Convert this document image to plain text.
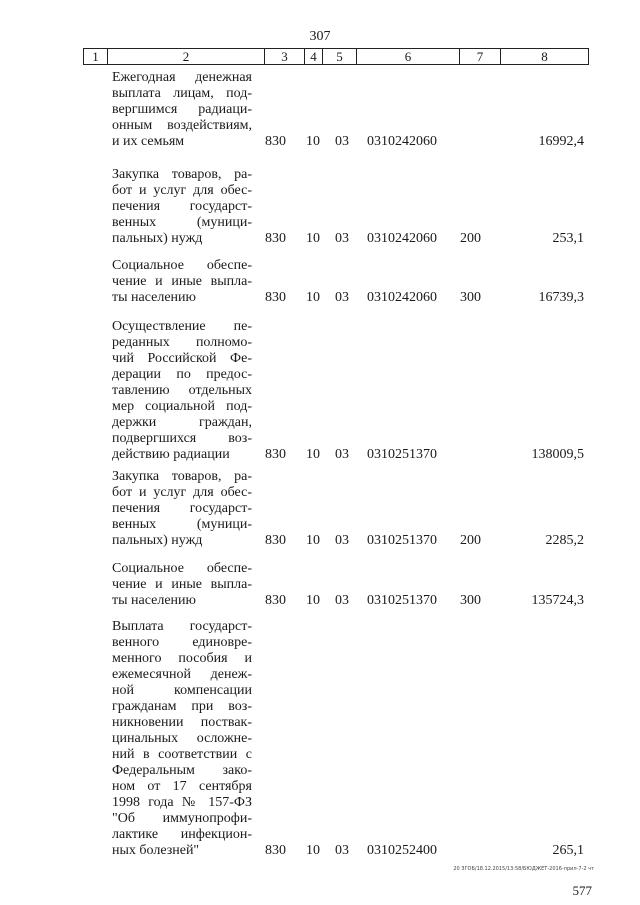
307
1	2	3	4	5	6	7	8
Ежегодная денежная
выплата лицам, под-
вергшимся радиаци-
онным воздействиям,
и их семьям	830 10 03 0310242060	16992,4
Закупка товаров, ра-
бот и услуг для обес-
печения государст-
венных (муници-
пальных) нужд	830 10 03 0310242060 200	253,1
Социальное обеспе-
чение и иные выпла-
ты населению	830 10 03 0310242060 300	16739,3
Осуществление пе-
реданных полномо-
чий Российской Фе-
дерации по предос-
тавлению отдельных
мер социальной под-
держки граждан,
подвергшихся воз-
действию радиации	830 10 03 0310251370	138009,5
Закупка товаров, ра-
бот и услуг для обес-
печения государст-
венных (муници-
пальных) нужд	830 10 03 0310251370 200	2285,2
Социальное обеспе-
чение и иные выпла-
ты населению	830 10 03 0310251370 300	135724,3
Выплата государст-
венного единовре-
менного пособия и
ежемесячной денеж-
ной компенсации
гражданам при воз-
никновении поствак-
цинальных осложне-
ний в соответствии с
Федеральным зако-
ном от 17 сентября
1998 года № 157-ФЗ
"Об иммунопрофи-
лактике инфекцион-
ных болезней"	830 10 03 0310252400	265,1
20 ЗГОБ/18.12.2015/13:58/БЮДЖЕТ-2016-прил-7-2 чт
577
